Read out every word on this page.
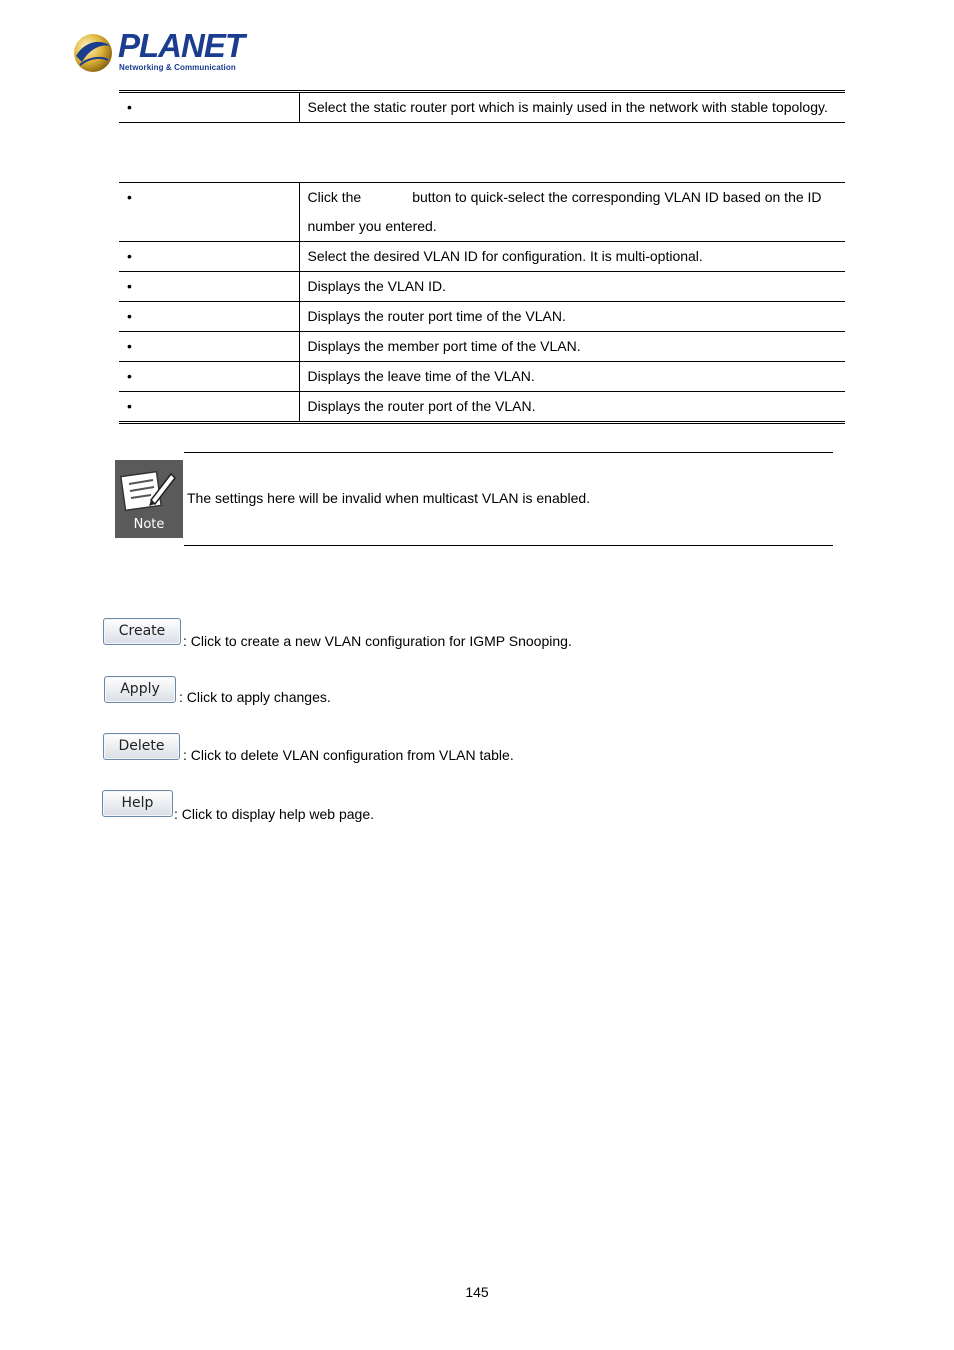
PLANET
Networking & Communication
•	Select the static router port which is mainly used in the network with stable topology.
•	Click the button to quick-select the corresponding VLAN ID based on the ID number you entered.
•	Select the desired VLAN ID for configuration. It is multi-optional.
•	Displays the VLAN ID.
•	Displays the router port time of the VLAN.
•	Displays the member port time of the VLAN.
•	Displays the leave time of the VLAN.
•	Displays the router port of the VLAN.
Note
The settings here will be invalid when multicast VLAN is enabled.
Create
: Click to create a new VLAN configuration for IGMP Snooping.
Apply	: Click to apply changes.
Delete
: Click to delete VLAN configuration from VLAN table.
Help
: Click to display help web page.
145
